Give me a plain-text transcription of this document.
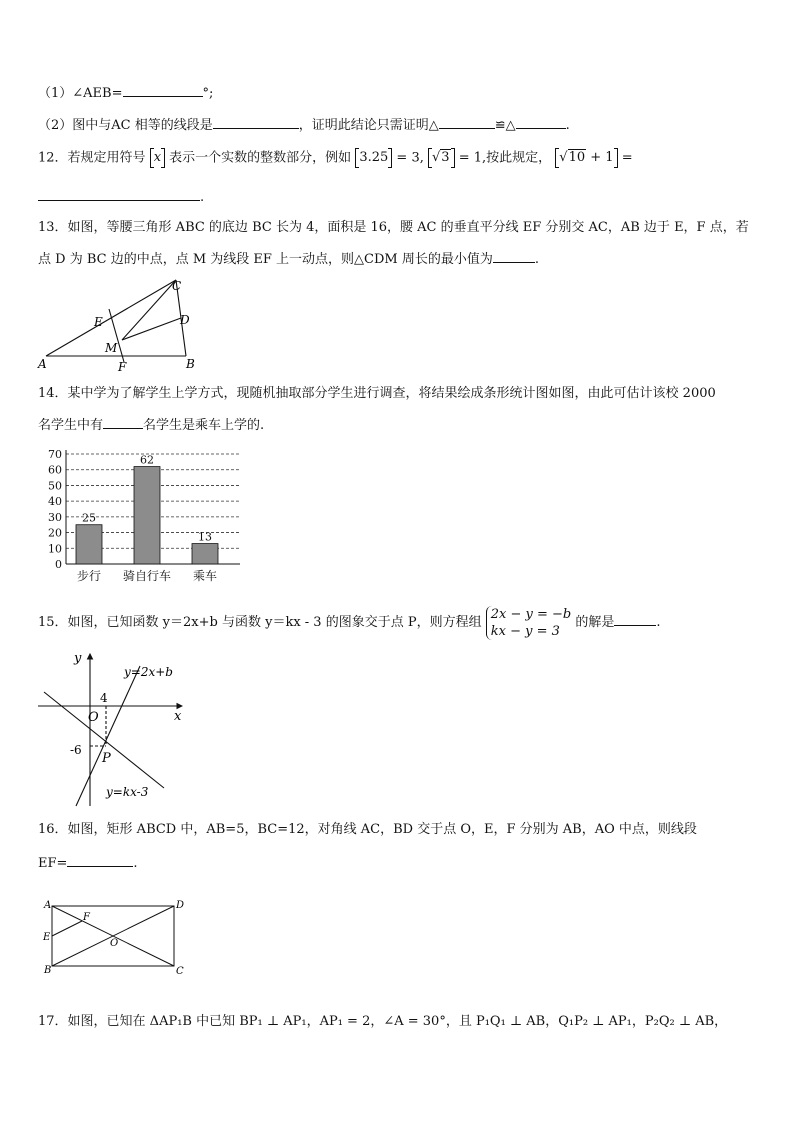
（1）∠AEB=	°;
（2）图中与AC 相等的线段是	，证明此结论只需证明△	≌△	.
12．若规定用符号 x 表示一个实数的整数部分，例如 3.25 = 3, √3 = 1,按此规定， √10 + 1 =
.
13．如图，等腰三角形 ABC 的底边 BC 长为 4，面积是 16，腰 AC 的垂直平分线 EF 分别交 AC，AB 边于 E，F 点，若
点 D 为 BC 边的中点，点 M 为线段 EF 上一动点，则△CDM 周长的最小值为	.
A	B
C
D
E
F
M
14．某中学为了解学生上学方式，现随机抽取部分学生进行调查，将结果绘成条形统计图如图，由此可估计该校 2000
名学生中有	名学生是乘车上学的.
0
10
20
30
40
50
60
70
25
步行
62
骑自行车
13
乘车
15．如图，已知函数 y＝2x+b 与函数 y＝kx - 3 的图象交于点 P，则方程组 2x − y = −b
kx − y = 3 的解是	.
y
x
O
4
-6
P
y=2x+b
y=kx-3
16．如图，矩形 ABCD 中，AB=5，BC=12，对角线 AC，BD 交于点 O，E，F 分别为 AB，AO 中点，则线段
EF=	.
A
B	C
D
E
F
O
17．如图，已知在 ΔAP₁B 中已知 BP₁ ⊥ AP₁，AP₁ = 2，∠A = 30°，且 P₁Q₁ ⊥ AB，Q₁P₂ ⊥ AP₁，P₂Q₂ ⊥ AB，
